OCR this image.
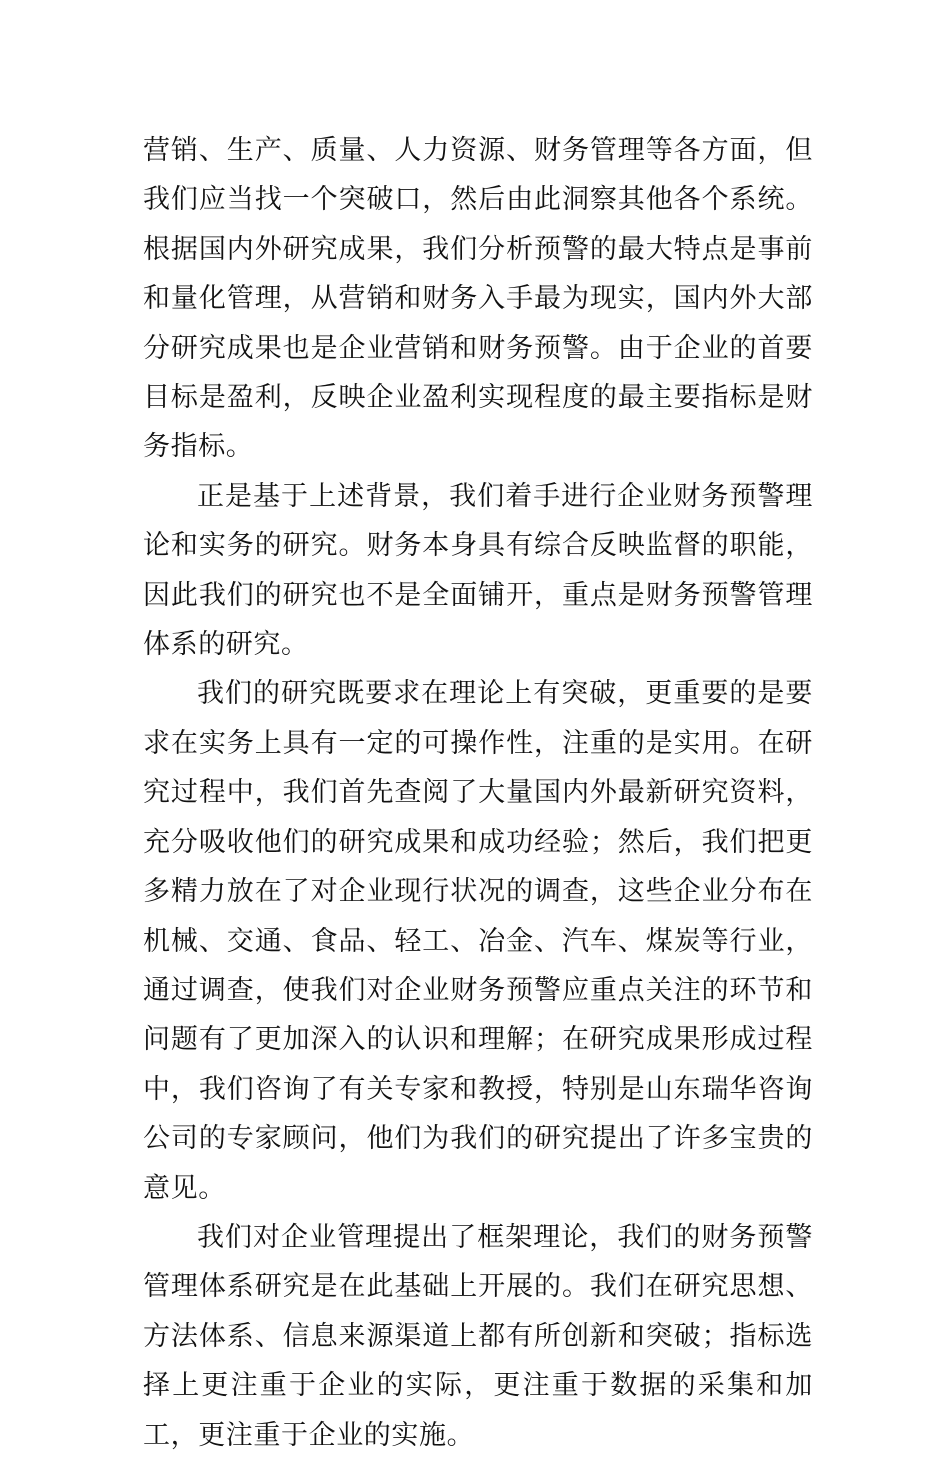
营销、生产、质量、人力资源、财务管理等各方面，但我们应当找一个突破口，然后由此洞察其他各个系统。根据国内外研究成果，我们分析预警的最大特点是事前和量化管理，从营销和财务入手最为现实，国内外大部分研究成果也是企业营销和财务预警。由于企业的首要目标是盈利，反映企业盈利实现程度的最主要指标是财务指标。

正是基于上述背景，我们着手进行企业财务预警理论和实务的研究。财务本身具有综合反映监督的职能，因此我们的研究也不是全面铺开，重点是财务预警管理体系的研究。

我们的研究既要求在理论上有突破，更重要的是要求在实务上具有一定的可操作性，注重的是实用。在研究过程中，我们首先查阅了大量国内外最新研究资料，充分吸收他们的研究成果和成功经验；然后，我们把更多精力放在了对企业现行状况的调查，这些企业分布在机械、交通、食品、轻工、冶金、汽车、煤炭等行业，通过调查，使我们对企业财务预警应重点关注的环节和问题有了更加深入的认识和理解；在研究成果形成过程中，我们咨询了有关专家和教授，特别是山东瑞华咨询公司的专家顾问，他们为我们的研究提出了许多宝贵的意见。

我们对企业管理提出了框架理论，我们的财务预警管理体系研究是在此基础上开展的。我们在研究思想、方法体系、信息来源渠道上都有所创新和突破；指标选择上更注重于企业的实际，更注重于数据的采集和加工，更注重于企业的实施。
